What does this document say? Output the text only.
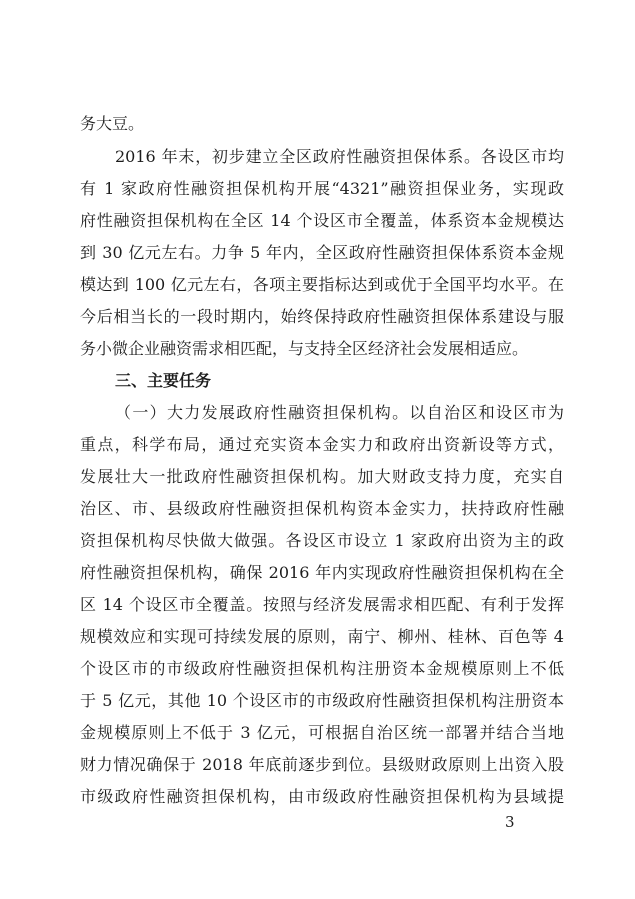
务大豆。
2016 年末，初步建立全区政府性融资担保体系。各设区市均
有 1 家政府性融资担保机构开展“4321”融资担保业务，实现政
府性融资担保机构在全区 14 个设区市全覆盖，体系资本金规模达
到 30 亿元左右。力争 5 年内，全区政府性融资担保体系资本金规
模达到 100 亿元左右，各项主要指标达到或优于全国平均水平。在
今后相当长的一段时期内，始终保持政府性融资担保体系建设与服
务小微企业融资需求相匹配，与支持全区经济社会发展相适应。
三、主要任务
（一）大力发展政府性融资担保机构。以自治区和设区市为
重点，科学布局，通过充实资本金实力和政府出资新设等方式，
发展壮大一批政府性融资担保机构。加大财政支持力度，充实自
治区、市、县级政府性融资担保机构资本金实力，扶持政府性融
资担保机构尽快做大做强。各设区市设立 1 家政府出资为主的政
府性融资担保机构，确保 2016 年内实现政府性融资担保机构在全
区 14 个设区市全覆盖。按照与经济发展需求相匹配、有利于发挥
规模效应和实现可持续发展的原则，南宁、柳州、桂林、百色等 4
个设区市的市级政府性融资担保机构注册资本金规模原则上不低
于 5 亿元，其他 10 个设区市的市级政府性融资担保机构注册资本
金规模原则上不低于 3 亿元，可根据自治区统一部署并结合当地
财力情况确保于 2018 年底前逐步到位。县级财政原则上出资入股
市级政府性融资担保机构，由市级政府性融资担保机构为县域提
3
